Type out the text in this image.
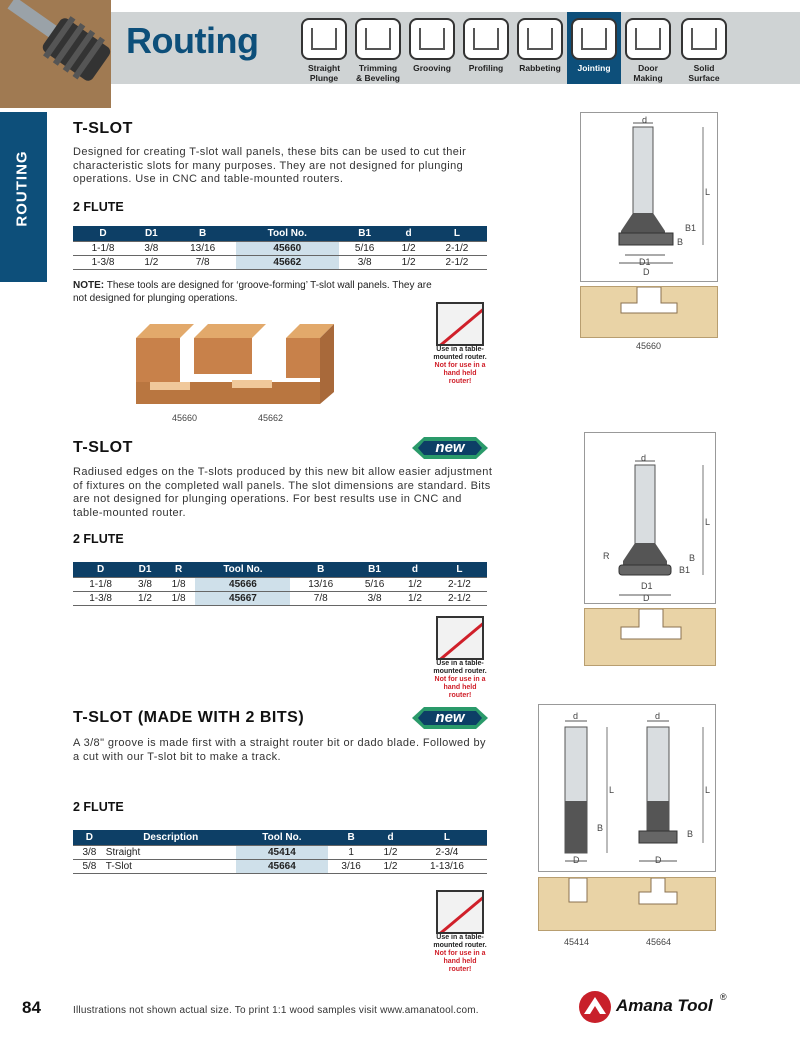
Routing
Straight
Plunge
Trimming
& Beveling
Grooving	Profiling	Rabbeting	Jointing	Door
Making
Solid
Surface
ROUTING
T-SLOT
Designed for creating T-slot wall panels, these bits can be used to cut their characteristic slots for many purposes. They are not designed for plunging operations. Use in CNC and table-mounted routers.
2 FLUTE
D	D1	B	Tool No.	B1	d	L
1-1/8	3/8	13/16	45660	5/16	1/2	2-1/2
1-3/8	1/2	7/8	45662	3/8	1/2	2-1/2
NOTE: These tools are designed for ‘groove-forming’ T-slot wall panels. They are not designed for plunging operations.
45660	45662
Use in a table-
mounted router.
Not for use in a
hand held router!
d
L
B1
B
D1
D
45660
T-SLOT	new
Radiused edges on the T-slots produced by this new bit allow easier adjustment of fixtures on the completed wall panels. The slot dimensions are standard. Bits are not designed for plunging operations. For best results use in CNC and table-mounted router.
2 FLUTE
D	D1	R	Tool No.	B	B1	d	L
1-1/8	3/8	1/8	45666	13/16	5/16	1/2	2-1/2
1-3/8	1/2	1/8	45667	7/8	3/8	1/2	2-1/2
Use in a table-
mounted router.
Not for use in a
hand held router!
d
L
R	B
B1
D1
D
T-SLOT (MADE WITH 2 BITS)	new
A 3/8" groove is made first with a straight router bit or dado blade. Followed by a cut with our T-slot bit to make a track.
2 FLUTE
D	Description	Tool No.	B	d	L
3/8	Straight	45414	1	1/2	2-3/4
5/8	T-Slot	45664	3/16	1/2	1-13/16
Use in a table-
mounted router.
Not for use in a
hand held router!
d	d
L	L
B
B
D	D
45414	45664
84	Illustrations not shown actual size. To print 1:1 wood samples visit www.amanatool.com.	Amana Tool ®
